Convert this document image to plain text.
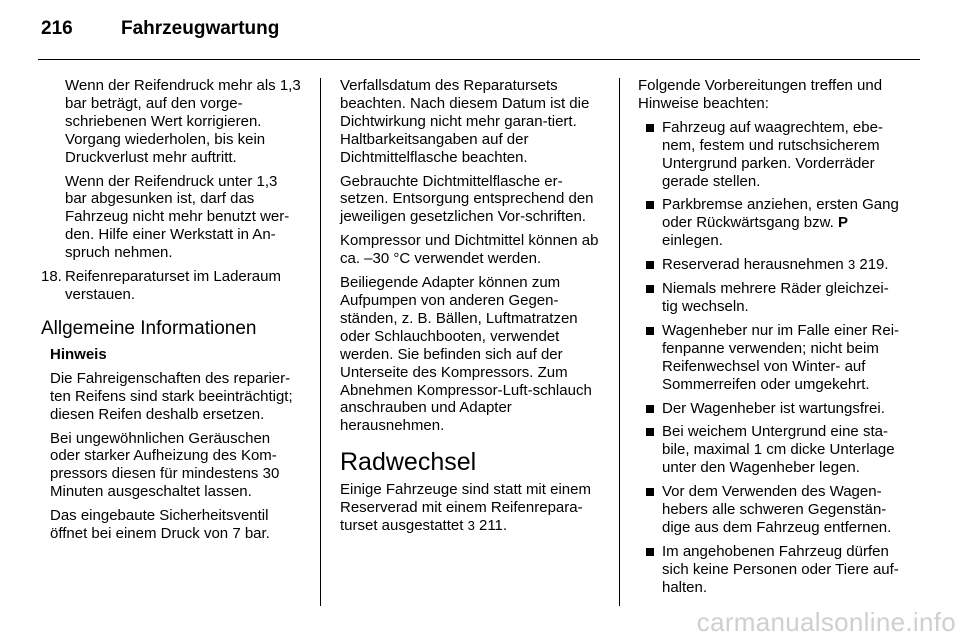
216	Fahrzeugwartung

Wenn der Reifendruck mehr als 1,3 bar beträgt, auf den vorge-schriebenen Wert korrigieren. Vorgang wiederholen, bis kein Druckverlust mehr auftritt.

Wenn der Reifendruck unter 1,3 bar abgesunken ist, darf das Fahrzeug nicht mehr benutzt wer-den. Hilfe einer Werkstatt in An-spruch nehmen.

18. Reifenreparaturset im Laderaum verstauen.
Allgemeine Informationen

Hinweis

Die Fahreigenschaften des reparier-ten Reifens sind stark beeinträchtigt; diesen Reifen deshalb ersetzen.

Bei ungewöhnlichen Geräuschen oder starker Aufheizung des Kom-pressors diesen für mindestens 30 Minuten ausgeschaltet lassen.

Das eingebaute Sicherheitsventil öffnet bei einem Druck von 7 bar.

Verfallsdatum des Reparatursets beachten. Nach diesem Datum ist die Dichtwirkung nicht mehr garan-tiert. Haltbarkeitsangaben auf der Dichtmittelflasche beachten.

Gebrauchte Dichtmittelflasche er-setzen. Entsorgung entsprechend den jeweiligen gesetzlichen Vor-schriften.

Kompressor und Dichtmittel können ab ca. –30 °C verwendet werden.

Beiliegende Adapter können zum Aufpumpen von anderen Gegen-ständen, z. B. Bällen, Luftmatratzen oder Schlauchbooten, verwendet werden. Sie befinden sich auf der Unterseite des Kompressors. Zum Abnehmen Kompressor-Luft-schlauch anschrauben und Adapter herausnehmen.

Radwechsel

Einige Fahrzeuge sind statt mit einem Reserverad mit einem Reifenrepara-turset ausgestattet 3 211.

Folgende Vorbereitungen treffen und Hinweise beachten:

Fahrzeug auf waagrechtem, ebe-nem, festem und rutschsicherem Untergrund parken. Vorderräder gerade stellen.
Parkbremse anziehen, ersten Gang oder Rückwärtsgang bzw. P einlegen.
Reserverad herausnehmen 3 219.
Niemals mehrere Räder gleichzei-tig wechseln.
Wagenheber nur im Falle einer Rei-fenpanne verwenden; nicht beim Reifenwechsel von Winter- auf Sommerreifen oder umgekehrt.
Der Wagenheber ist wartungsfrei.
Bei weichem Untergrund eine sta-bile, maximal 1 cm dicke Unterlage unter den Wagenheber legen.
Vor dem Verwenden des Wagen-hebers alle schweren Gegenstän-dige aus dem Fahrzeug entfernen.
Im angehobenen Fahrzeug dürfen sich keine Personen oder Tiere auf-halten.
carmanualsonline.info
